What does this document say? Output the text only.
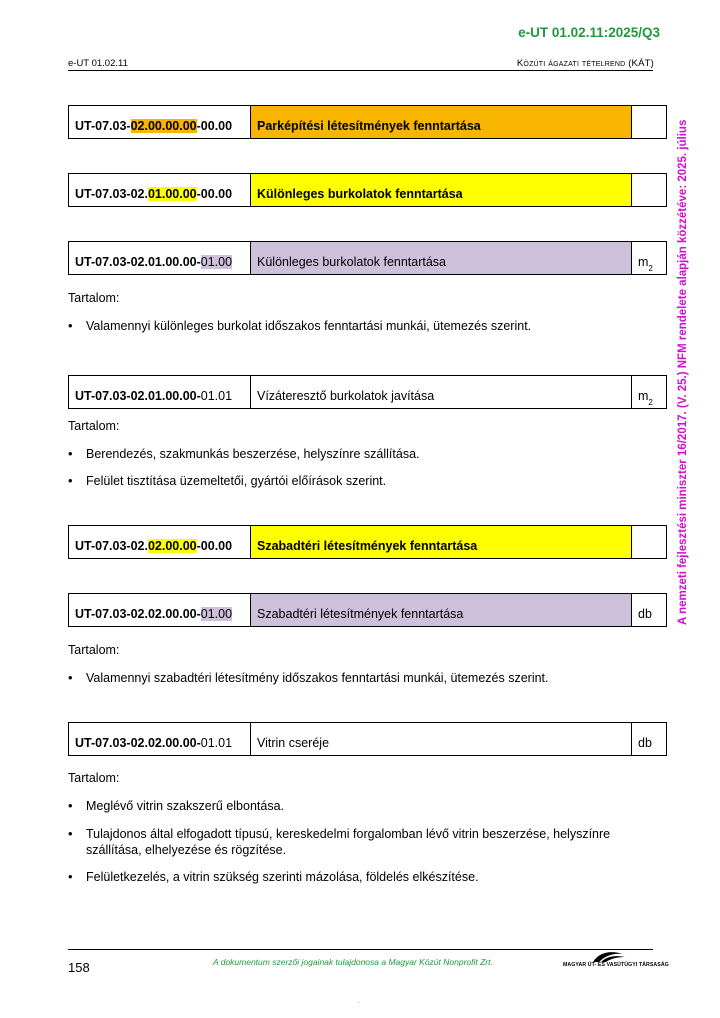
e-UT 01.02.11:2025/Q3
e-UT 01.02.11	Közúti ágazati tételrend (KÁT)
A nemzeti fejlesztési miniszter 16/2017. (V. 25.) NFM rendelete alapján közzétéve: 2025. július
UT-07.03- 02.00.00.00 -00.00	Parképítési létesítmények fenntartása
UT-07.03-02. 01.00.00 -00.00	Különleges burkolatok fenntartása
UT-07.03-02.01.00.00- 01.00	Különleges burkolatok fenntartása	m 2
Tartalom:
•	Valamennyi különleges burkolat időszakos fenntartási munkái, ütemezés szerint.
UT-07.03-02.01.00.00- 01.01	Vízáteresztő burkolatok javítása	m 2
Tartalom:
•	Berendezés, szakmunkás beszerzése, helyszínre szállítása.
•	Felület tisztítása üzemeltetői, gyártói előírások szerint.
UT-07.03-02. 02.00.00 -00.00	Szabadtéri létesítmények fenntartása
UT-07.03-02.02.00.00- 01.00	Szabadtéri létesítmények fenntartása	db
Tartalom:
•	Valamennyi szabadtéri létesítmény időszakos fenntartási munkái, ütemezés szerint.
UT-07.03-02.02.00.00- 01.01	Vitrin cseréje	db
Tartalom:
•	Meglévő vitrin szakszerű elbontása.
•	Tulajdonos által elfogadott típusú, kereskedelmi forgalomban lévő vitrin beszerzése, helyszínre szállítása, elhelyezése és rögzítése.
•	Felületkezelés, a vitrin szükség szerinti mázolása, földelés elkészítése.
158	A dokumentum szerzői jogainak tulajdonosa a Magyar Közút Nonprofit Zrt.	MAGYAR ÚT- ÉS VASÚTÜGYI TÁRSASÁG
.
